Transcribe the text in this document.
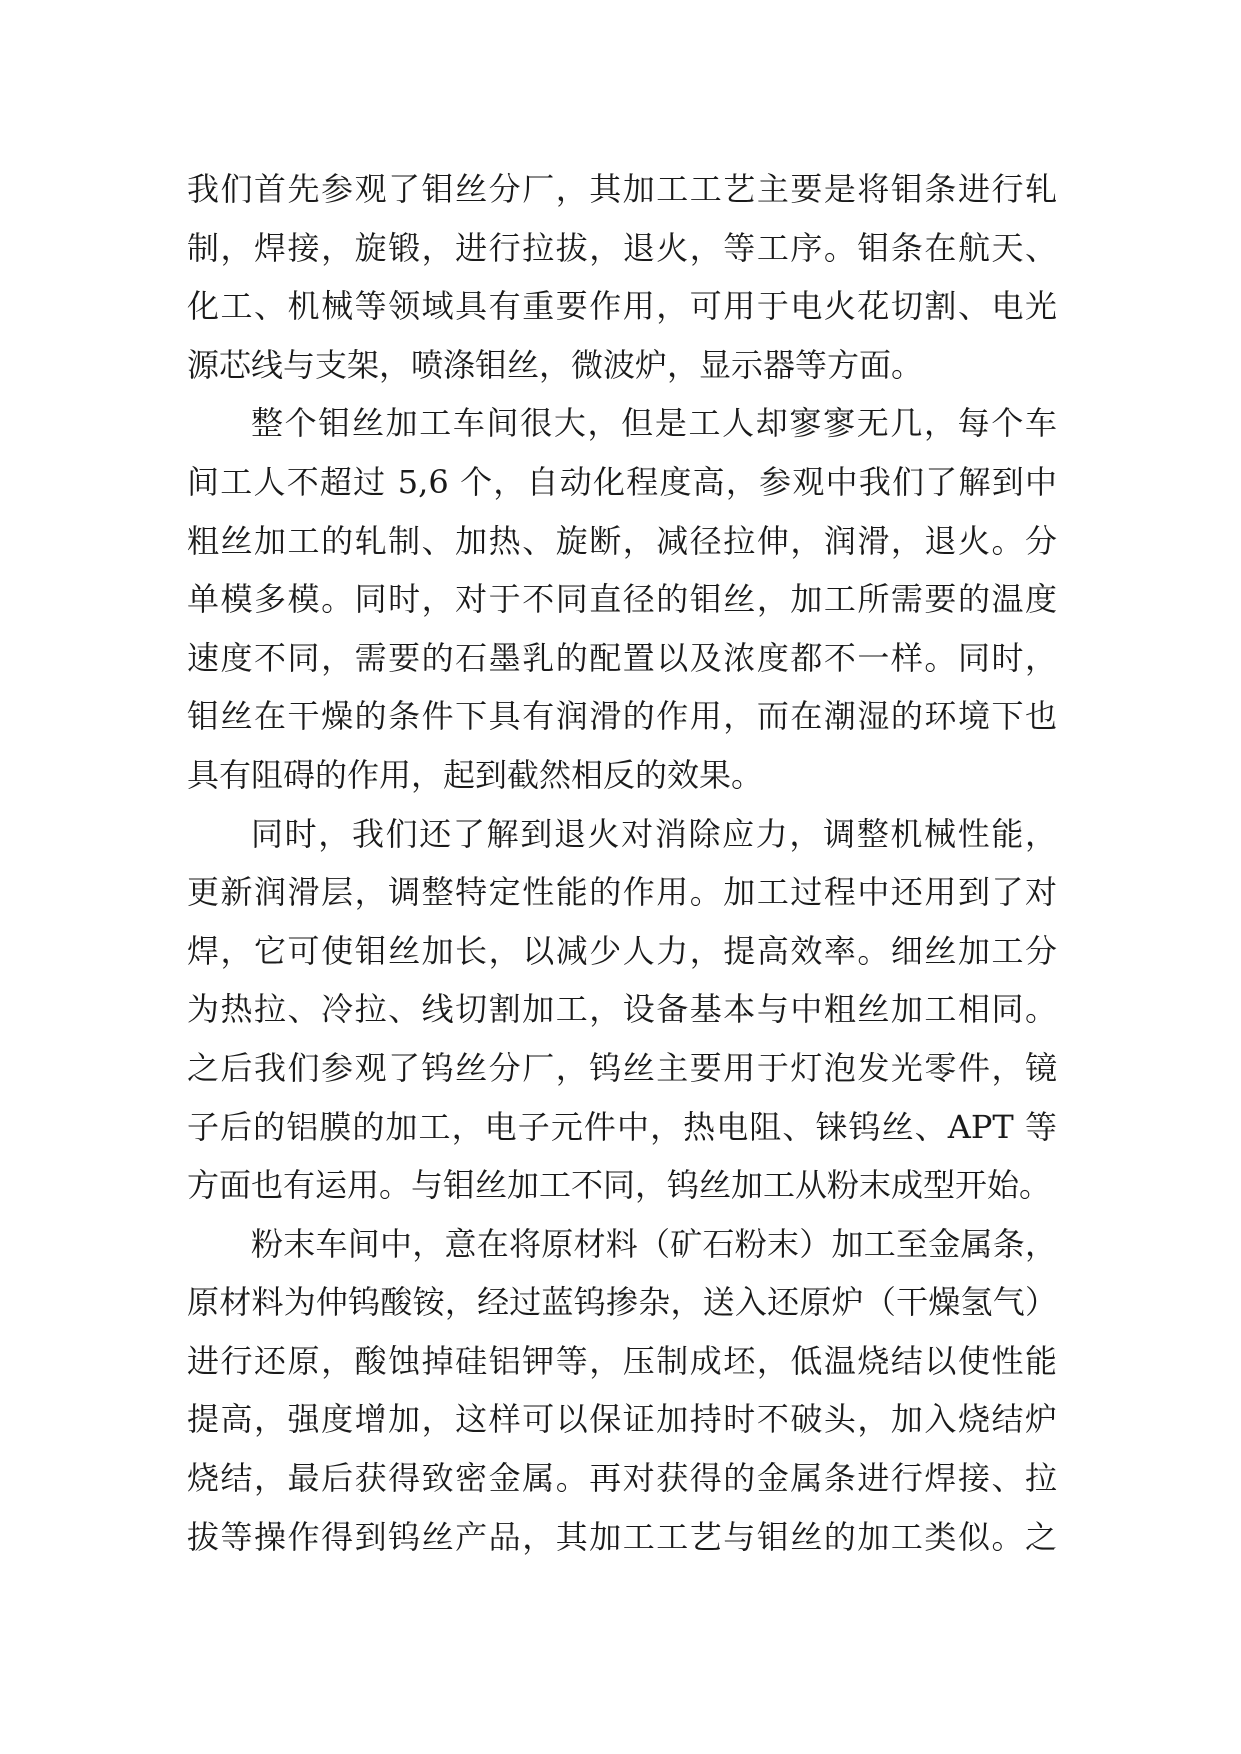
我们首先参观了钼丝分厂，其加工工艺主要是将钼条进行轧
制，焊接，旋锻，进行拉拔，退火，等工序。钼条在航天、
化工、机械等领域具有重要作用，可用于电火花切割、电光
源芯线与支架，喷涤钼丝，微波炉，显示器等方面。
整个钼丝加工车间很大，但是工人却寥寥无几，每个车
间工人不超过 5,6 个，自动化程度高，参观中我们了解到中
粗丝加工的轧制、加热、旋断，减径拉伸，润滑，退火。分
单模多模。同时，对于不同直径的钼丝，加工所需要的温度
速度不同，需要的石墨乳的配置以及浓度都不一样。同时，
钼丝在干燥的条件下具有润滑的作用，而在潮湿的环境下也
具有阻碍的作用，起到截然相反的效果。
同时，我们还了解到退火对消除应力，调整机械性能，
更新润滑层，调整特定性能的作用。加工过程中还用到了对
焊，它可使钼丝加长，以减少人力，提高效率。细丝加工分
为热拉、冷拉、线切割加工，设备基本与中粗丝加工相同。
之后我们参观了钨丝分厂，钨丝主要用于灯泡发光零件，镜
子后的铝膜的加工，电子元件中，热电阻、铼钨丝、APT 等
方面也有运用。与钼丝加工不同，钨丝加工从粉末成型开始。
粉末车间中，意在将原材料（矿石粉末）加工至金属条，
原材料为仲钨酸铵，经过蓝钨掺杂，送入还原炉（干燥氢气）
进行还原，酸蚀掉硅铝钾等，压制成坯，低温烧结以使性能
提高，强度增加，这样可以保证加持时不破头，加入烧结炉
烧结，最后获得致密金属。再对获得的金属条进行焊接、拉
拔等操作得到钨丝产品，其加工工艺与钼丝的加工类似。之
